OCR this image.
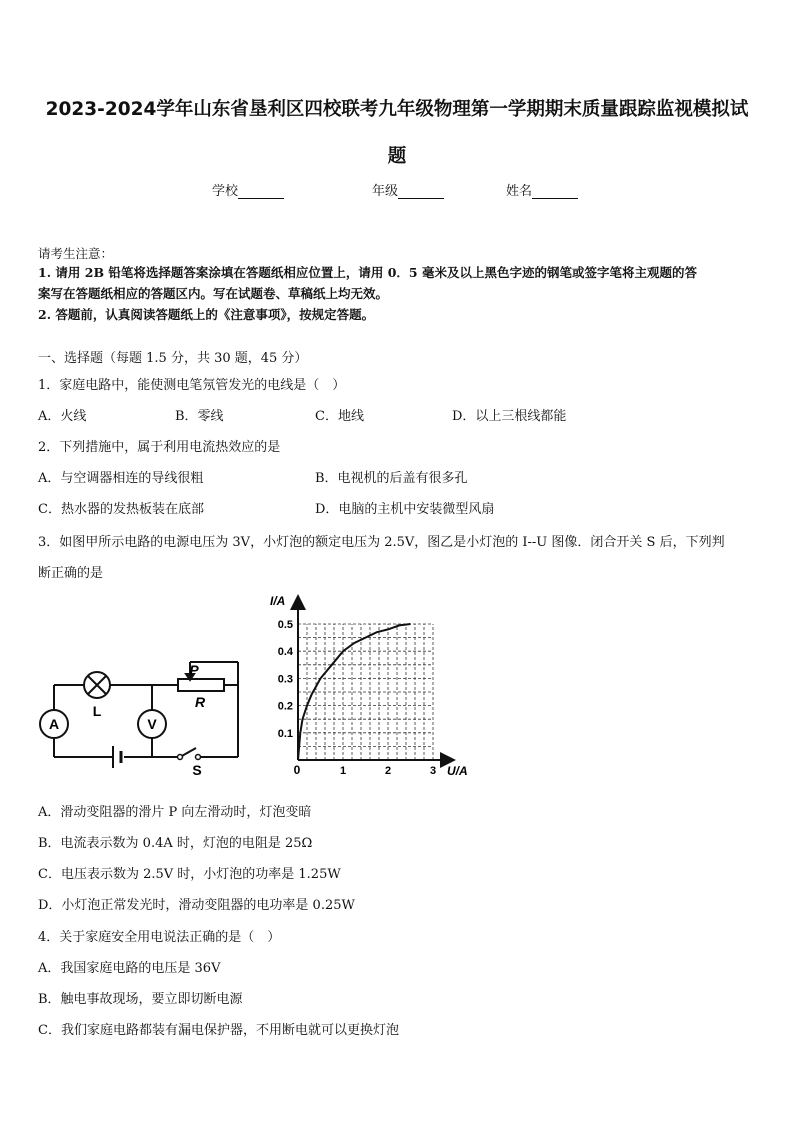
2023-2024学年山东省垦利区四校联考九年级物理第一学期期末质量跟踪监视模拟试
题
学校	年级	姓名
请考生注意：
1. 请用 2B 铅笔将选择题答案涂填在答题纸相应位置上，请用 0．5 毫米及以上黑色字迹的钢笔或签字笔将主观题的答
案写在答题纸相应的答题区内。写在试题卷、草稿纸上均无效。
2. 答题前，认真阅读答题纸上的《注意事项》，按规定答题。
一、选择题（每题 1.5 分，共 30 题，45 分）
1．家庭电路中，能使测电笔氖管发光的电线是（　）
A．火线	B．零线	C．地线	D．以上三根线都能
2．下列措施中，属于利用电流热效应的是
A．与空调器相连的导线很粗	B．电视机的后盖有很多孔
C．热水器的发热板装在底部	D．电脑的主机中安装微型风扇
3．如图甲所示电路的电源电压为 3V，小灯泡的额定电压为 2.5V，图乙是小灯泡的 I--U 图像．闭合开关 S 后，下列判
断正确的是
A	V
L
P
R
S
0.1
0.2
0.3
0.4
0.5
1	2	3
I/A
U/A
0
A．滑动变阻器的滑片 P 向左滑动时，灯泡变暗
B．电流表示数为 0.4A 时，灯泡的电阻是 25Ω
C．电压表示数为 2.5V 时，小灯泡的功率是 1.25W
D．小灯泡正常发光时，滑动变阻器的电功率是 0.25W
4．关于家庭安全用电说法正确的是（　）
A．我国家庭电路的电压是 36V
B．触电事故现场，要立即切断电源
C．我们家庭电路都装有漏电保护器，不用断电就可以更换灯泡
